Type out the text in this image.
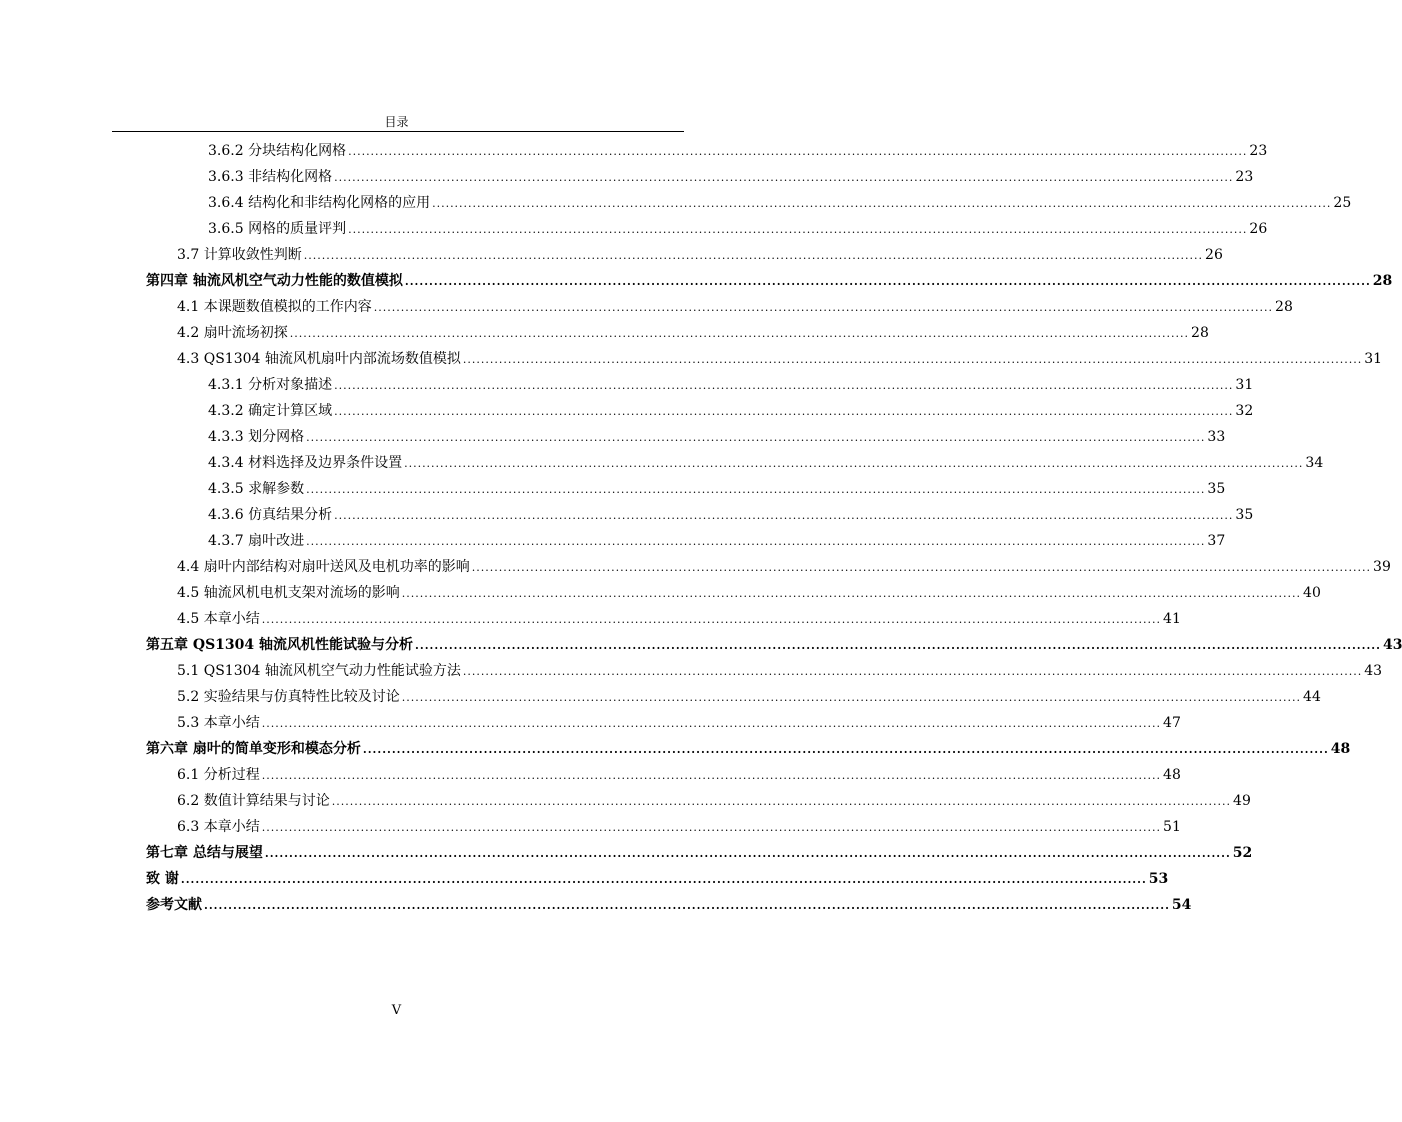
目录
3.6.2 分块结构化网格 ........................................................................................................................................................................................................ 23
3.6.3 非结构化网格 ........................................................................................................................................................................................................ 23
3.6.4 结构化和非结构化网格的应用 ........................................................................................................................................................................................................ 25
3.6.5 网格的质量评判 ........................................................................................................................................................................................................ 26
3.7 计算收敛性判断 ........................................................................................................................................................................................................ 26
第四章 轴流风机空气动力性能的数值模拟 ........................................................................................................................................................................................................ 28
4.1 本课题数值模拟的工作内容 ........................................................................................................................................................................................................ 28
4.2 扇叶流场初探 ........................................................................................................................................................................................................ 28
4.3 QS1304 轴流风机扇叶内部流场数值模拟 ........................................................................................................................................................................................................ 31
4.3.1 分析对象描述 ........................................................................................................................................................................................................ 31
4.3.2 确定计算区域 ........................................................................................................................................................................................................ 32
4.3.3 划分网格 ........................................................................................................................................................................................................ 33
4.3.4 材料选择及边界条件设置 ........................................................................................................................................................................................................ 34
4.3.5 求解参数 ........................................................................................................................................................................................................ 35
4.3.6 仿真结果分析 ........................................................................................................................................................................................................ 35
4.3.7 扇叶改进 ........................................................................................................................................................................................................ 37
4.4 扇叶内部结构对扇叶送风及电机功率的影响 ........................................................................................................................................................................................................ 39
4.5 轴流风机电机支架对流场的影响 ........................................................................................................................................................................................................ 40
4.5 本章小结 ........................................................................................................................................................................................................ 41
第五章 QS1304 轴流风机性能试验与分析 ........................................................................................................................................................................................................ 43
5.1 QS1304 轴流风机空气动力性能试验方法 ........................................................................................................................................................................................................ 43
5.2 实验结果与仿真特性比较及讨论 ........................................................................................................................................................................................................ 44
5.3 本章小结 ........................................................................................................................................................................................................ 47
第六章 扇叶的简单变形和模态分析 ........................................................................................................................................................................................................ 48
6.1 分析过程 ........................................................................................................................................................................................................ 48
6.2 数值计算结果与讨论 ........................................................................................................................................................................................................ 49
6.3 本章小结 ........................................................................................................................................................................................................ 51
第七章 总结与展望 ........................................................................................................................................................................................................ 52
致 谢 ........................................................................................................................................................................................................ 53
参考文献 ........................................................................................................................................................................................................ 54
V
